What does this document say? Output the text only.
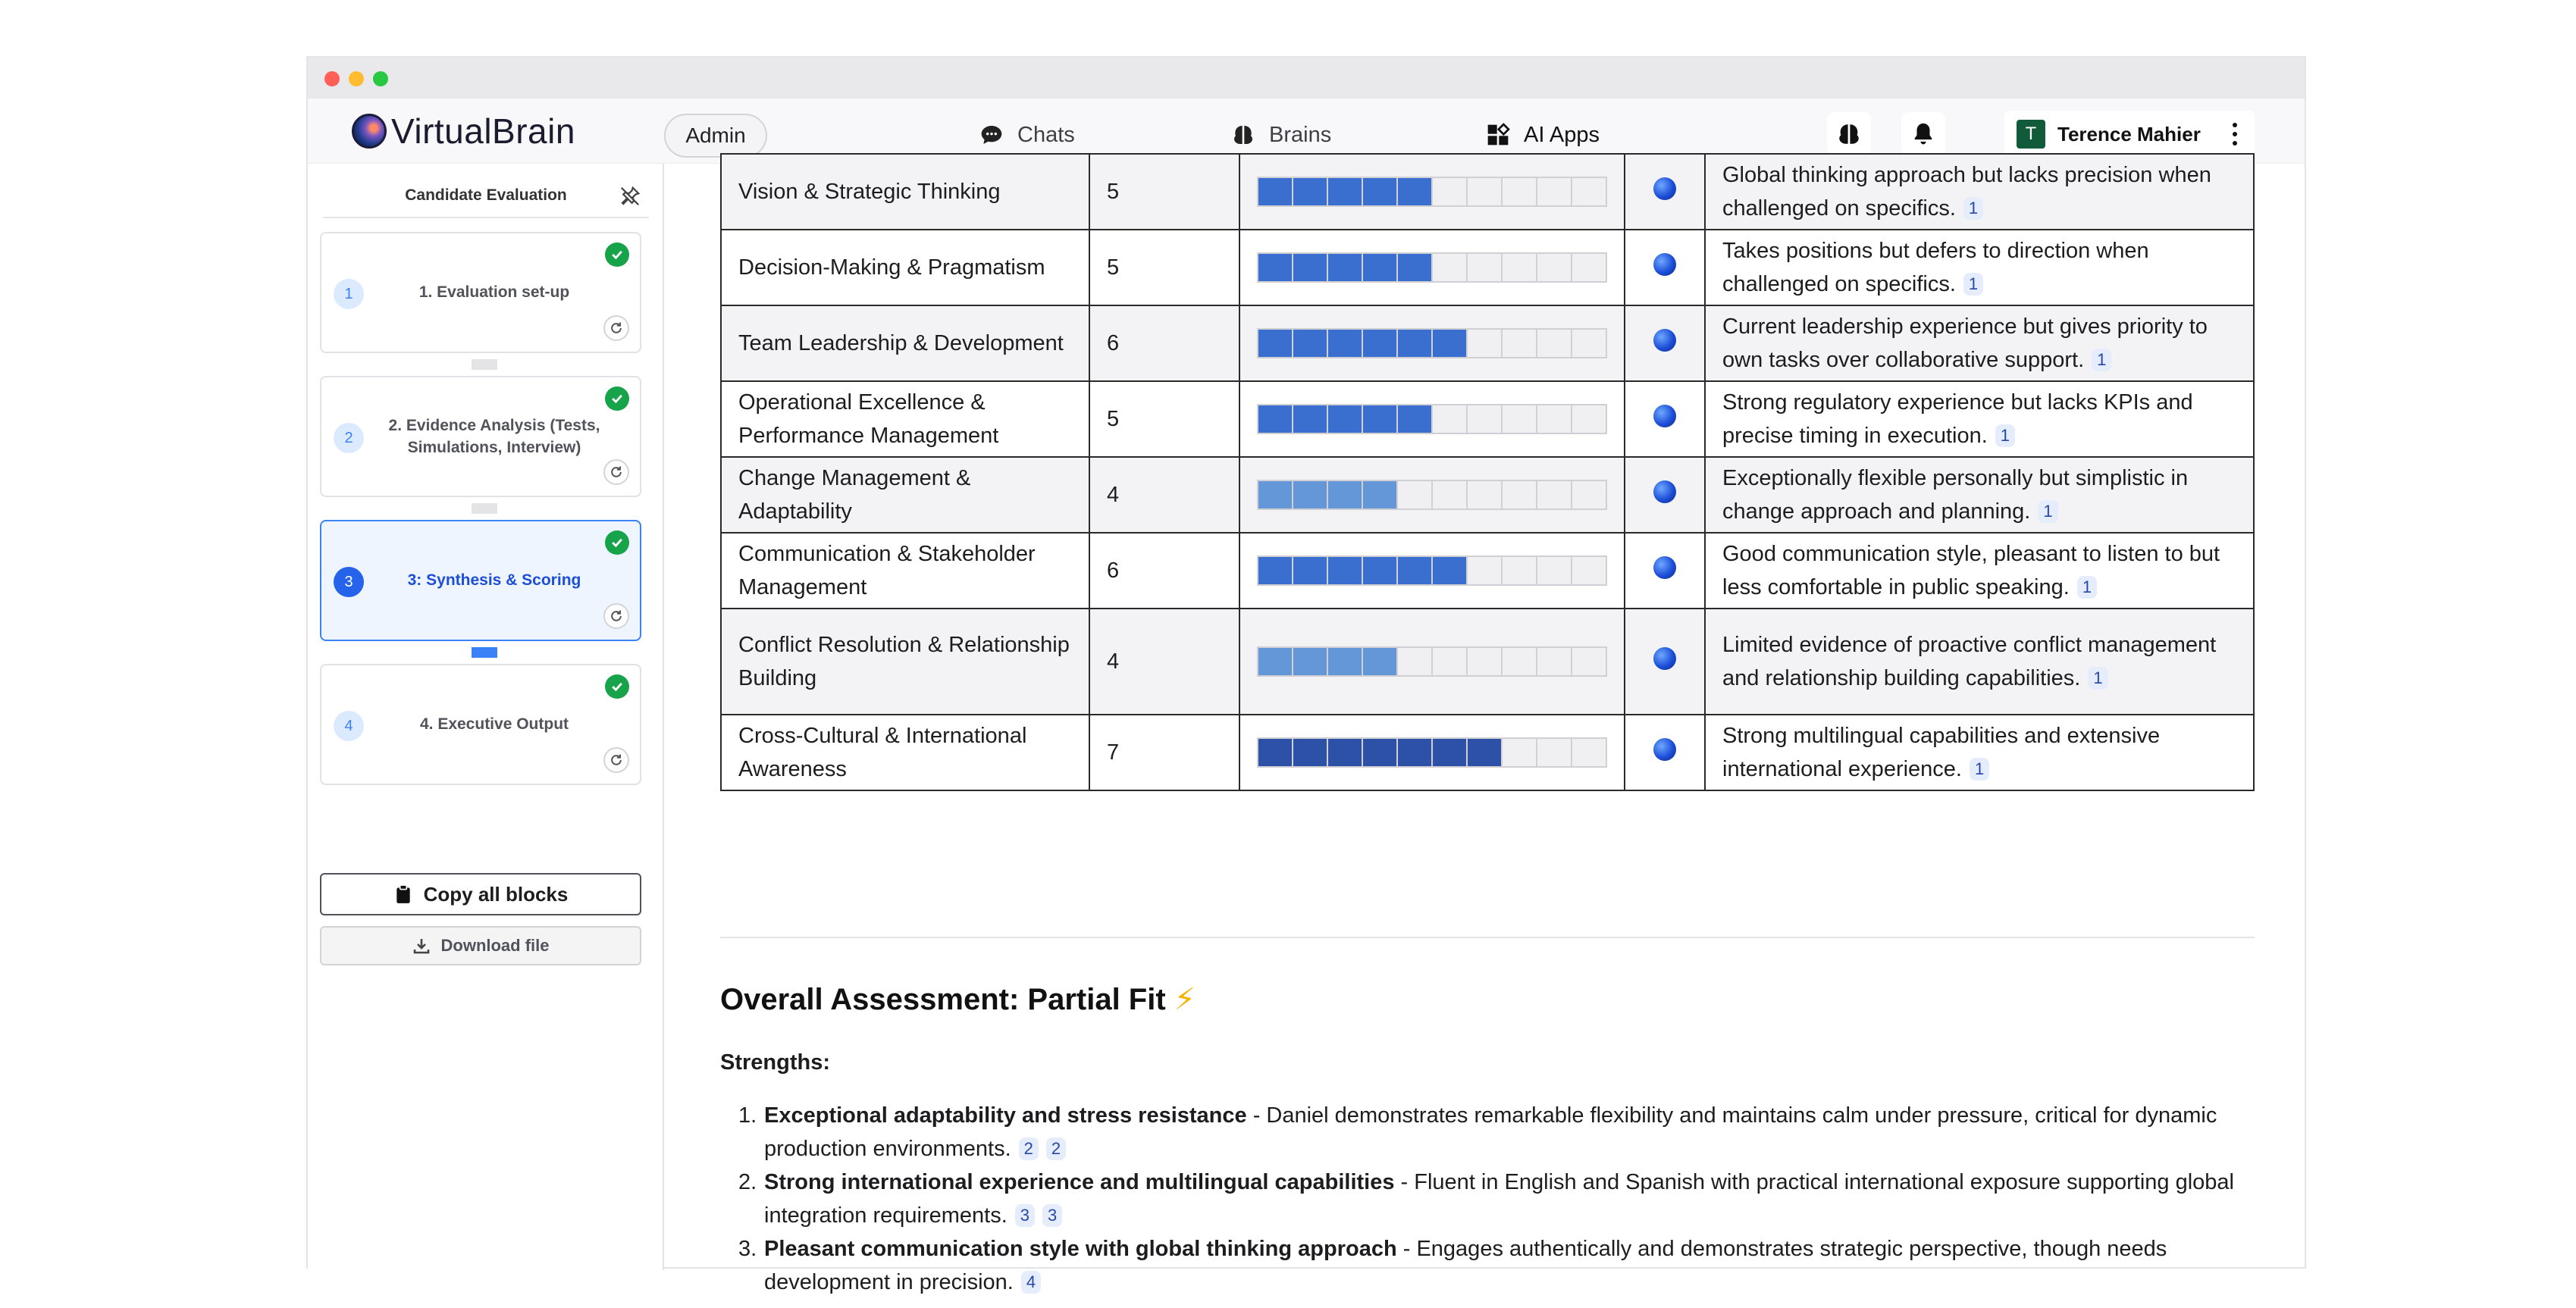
VirtualBrain	Admin	Chats	Brains	AI Apps	T	Terence Mahier
Candidate Evaluation
1	1. Evaluation set-up
2
2. Evidence Analysis (Tests, Simulations, Interview)
3	3: Synthesis & Scoring
4	4. Executive Output
Copy all blocks
Download file
Vision & Strategic Thinking	5			Global thinking approach but lacks precision when challenged on specifics. 1
Decision-Making & Pragmatism	5			Takes positions but defers to direction when challenged on specifics. 1
Team Leadership & Development	6			Current leadership experience but gives priority to own tasks over collaborative support. 1
Operational Excellence & Performance Management	5			Strong regulatory experience but lacks KPIs and precise timing in execution. 1
Change Management & Adaptability	4			Exceptionally flexible personally but simplistic in change approach and planning. 1
Communication & Stakeholder Management	6			Good communication style, pleasant to listen to but less comfortable in public speaking. 1
Conflict Resolution & Relationship Building	4			Limited evidence of proactive conflict management and relationship building capabilities. 1
Cross-Cultural & International Awareness	7			Strong multilingual capabilities and extensive international experience. 1
Overall Assessment: Partial Fit ⚡
Strengths:
1. Exceptional adaptability and stress resistance - Daniel demonstrates remarkable flexibility and maintains calm under pressure, critical for dynamic production environments. 2 2
2. Strong international experience and multilingual capabilities - Fluent in English and Spanish with practical international exposure supporting global integration requirements. 3 3
3. Pleasant communication style with global thinking approach - Engages authentically and demonstrates strategic perspective, though needs development in precision. 4
